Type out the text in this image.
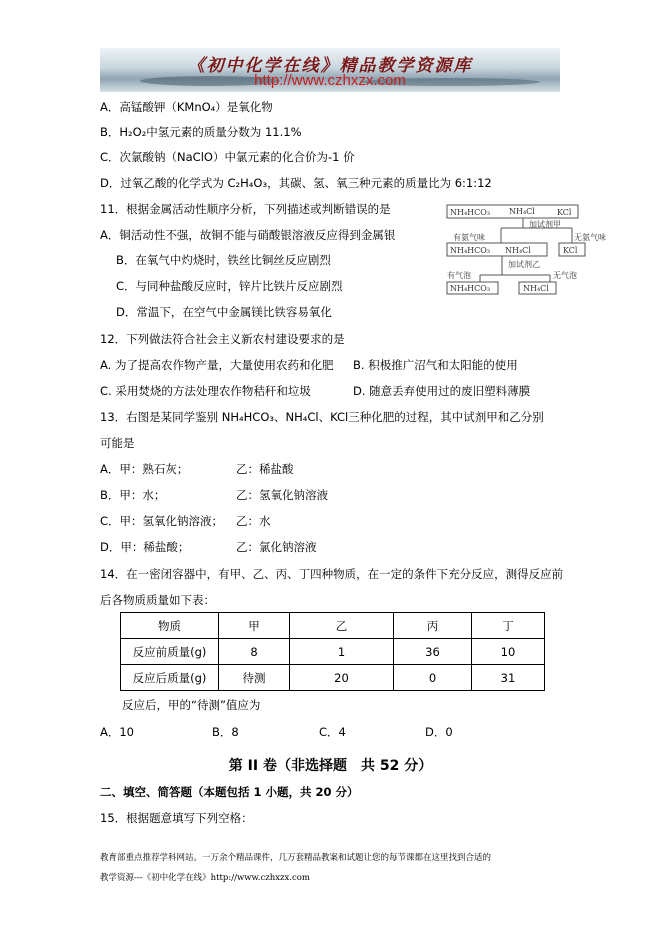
《初中化学在线》精品教学资源库
http://www.czhxzx.com
A．高锰酸钾（KMnO₄）是氧化物
B．H₂O₂中氢元素的质量分数为 11.1%
C．次氯酸钠（NaClO）中氯元素的化合价为-1 价
D．过氧乙酸的化学式为 C₂H₄O₃，其碳、氢、氧三种元素的质量比为 6:1:12
11．根据金属活动性顺序分析，下列描述或判断错误的是
A．铜活动性不强，故铜不能与硝酸银溶液反应得到金属银
B．在氧气中灼烧时，铁丝比铜丝反应剧烈
C．与同种盐酸反应时，锌片比铁片反应剧烈
D．常温下，在空气中金属镁比铁容易氧化
NH₄HCO₃ NH₄Cl	KCl
加试剂甲
有氨气味	无氨气味
NH₄HCO₃ NH₄Cl	KCl
加试剂乙
有气泡	无气泡
NH₄HCO₃	NH₄Cl
12．下列做法符合社会主义新农村建设要求的是
A. 为了提高农作物产量，大量使用农药和化肥 B. 积极推广沼气和太阳能的使用
C. 采用焚烧的方法处理农作物秸秆和垃圾	D. 随意丢弃使用过的废旧塑料薄膜
13．右图是某同学鉴别 NH₄HCO₃、NH₄Cl、KCl三种化肥的过程，其中试剂甲和乙分别
可能是
A．甲：熟石灰；	乙：稀盐酸
B．甲：水；	乙：氢氧化钠溶液
C．甲：氢氧化钠溶液； 乙：水
D．甲：稀盐酸；	乙：氯化钠溶液
14．在一密闭容器中，有甲、乙、丙、丁四种物质，在一定的条件下充分反应，测得反应前
后各物质质量如下表：
物质	甲	乙	丙	丁
反应前质量(g)	8	1	36	10
反应后质量(g)	待测	20	0	31
反应后，甲的“待测”值应为
A．10	B．8	C．4	D．0
第 II 卷（非选择题　共 52 分）
二、填空、简答题（本题包括 1 小题，共 20 分）
15．根据题意填写下列空格：
教育部重点推荐学科网站。一万余个精品课件，几万套精品教案和试题让您的每节课都在这里找到合适的
教学资源---《初中化学在线》http://www.czhxzx.com
